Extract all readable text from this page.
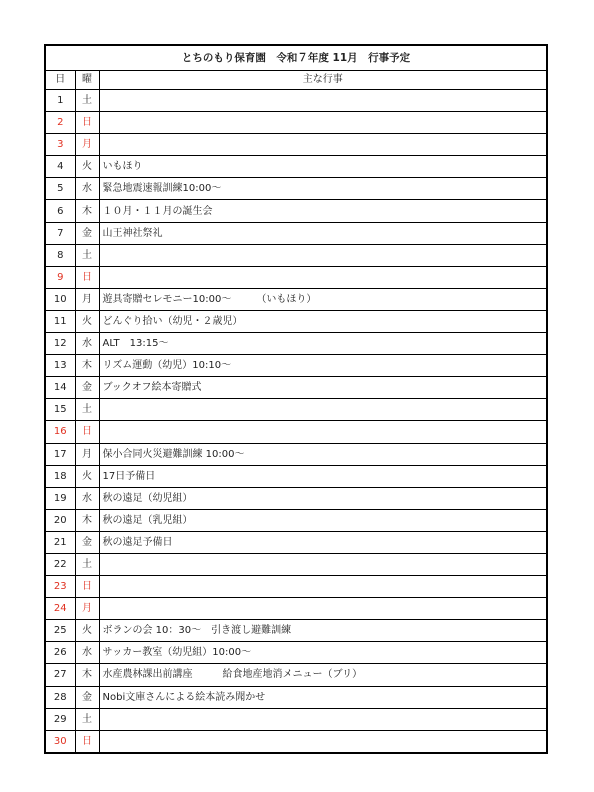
とちのもり保育園　令和７年度 11月　行事予定		
日	曜	主な行事
1	土	
2	日	
3	月	
4	火	いもほり
5	水	緊急地震速報訓練10:00～
6	木	１０月・１１月の誕生会
7	金	山王神社祭礼
8	土	
9	日	
10	月	遊具寄贈セレモニー10:00～　　　（いもほり）
11	火	どんぐり拾い（幼児・２歳児）
12	水	ALT　13:15～
13	木	リズム運動（幼児）10:10～
14	金	ブックオフ絵本寄贈式
15	土	
16	日	
17	月	保小合同火災避難訓練 10:00～
18	火	17日予備日
19	水	秋の遠足（幼児組）
20	木	秋の遠足（乳児組）
21	金	秋の遠足予備日
22	土	
23	日	
24	月	
25	火	ボランの会 10：30～　引き渡し避難訓練
26	水	サッカー教室（幼児組）10:00～
27	木	水産農林課出前講座　　　給食地産地消メニュー（ブリ）
28	金	Nobi文庫さんによる絵本読み聞かせ
29	土	
30	日	
